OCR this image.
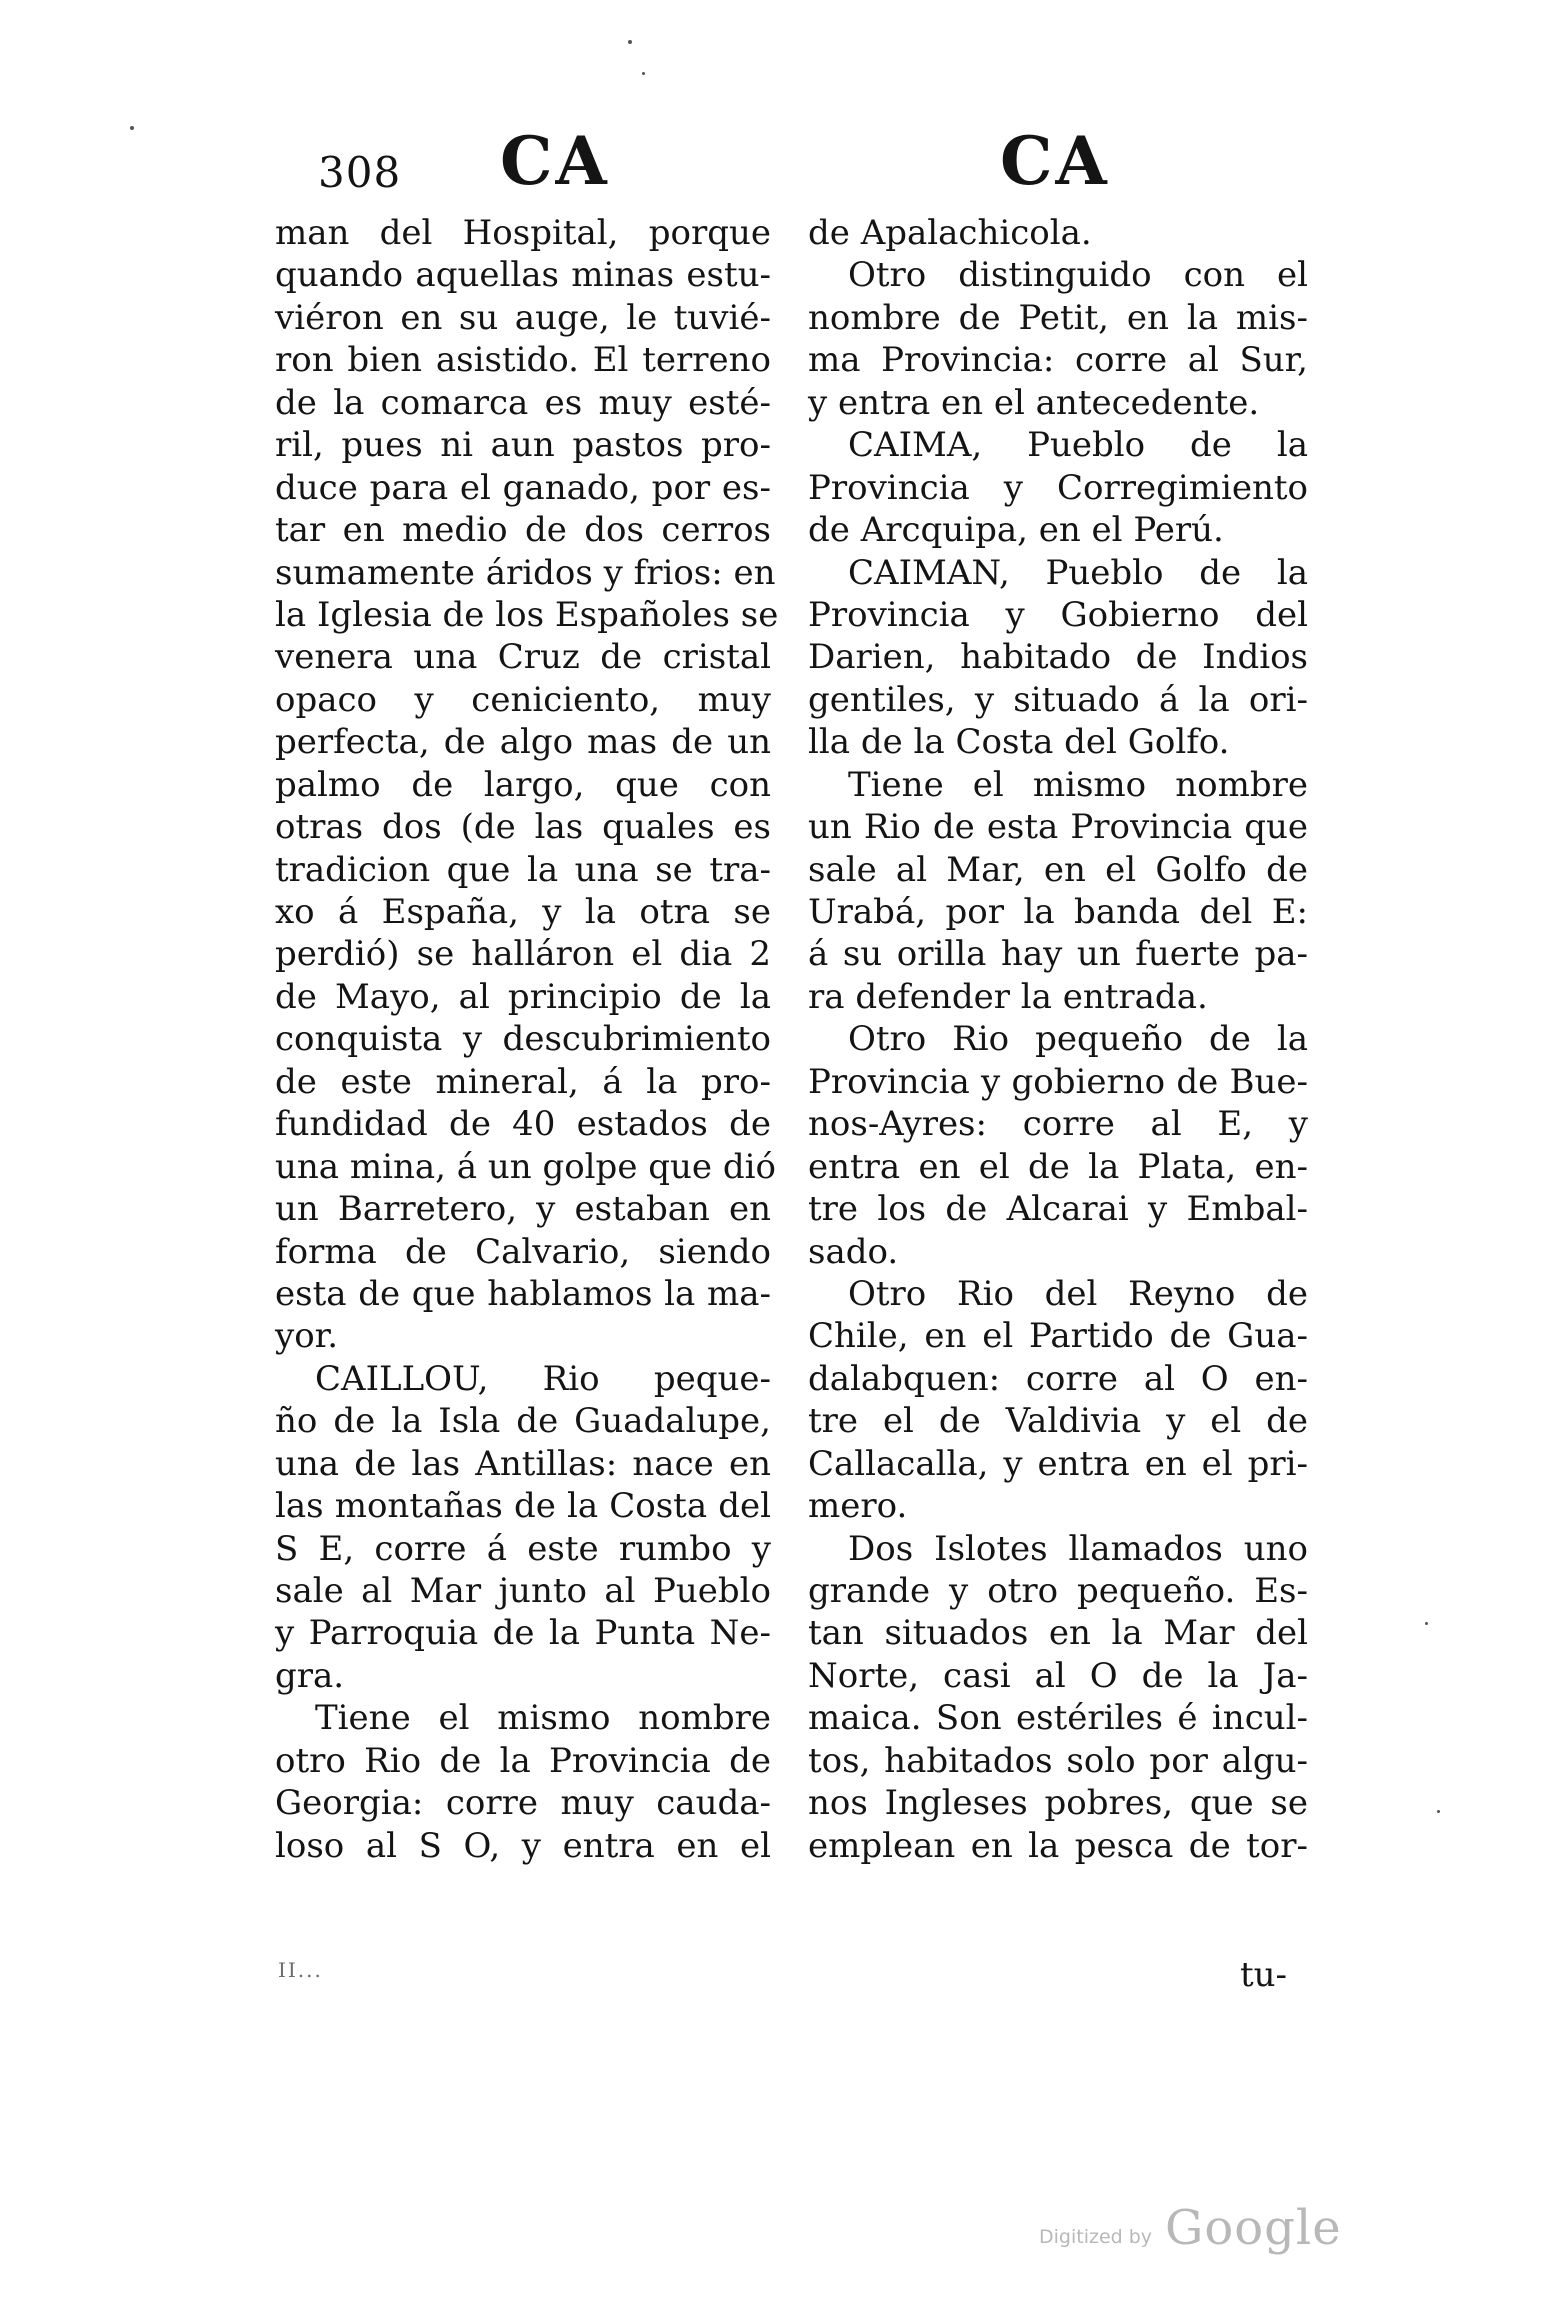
308 CA	CA
man del Hospital, porque
quando aquellas minas estu-
viéron en su auge, le tuvié-
ron bien asistido. El terreno
de la comarca es muy esté-
ril, pues ni aun pastos pro-
duce para el ganado, por es-
tar en medio de dos cerros
sumamente áridos y frios: en
la Iglesia de los Españoles se
venera una Cruz de cristal
opaco y ceniciento, muy
perfecta, de algo mas de un
palmo de largo, que con
otras dos (de las quales es
tradicion que la una se tra-
xo á España, y la otra se
perdió) se halláron el dia 2
de Mayo, al principio de la
conquista y descubrimiento
de este mineral, á la pro-
fundidad de 40 estados de
una mina, á un golpe que dió
un Barretero, y estaban en
forma de Calvario, siendo
esta de que hablamos la ma-
yor.
CAILLOU, Rio peque-
ño de la Isla de Guadalupe,
una de las Antillas: nace en
las montañas de la Costa del
S E, corre á este rumbo y
sale al Mar junto al Pueblo
y Parroquia de la Punta Ne-
gra.
Tiene el mismo nombre
otro Rio de la Provincia de
Georgia: corre muy cauda-
loso al S O, y entra en el
de Apalachicola.
Otro distinguido con el
nombre de Petit, en la mis-
ma Provincia: corre al Sur,
y entra en el antecedente.
CAIMA, Pueblo de la
Provincia y Corregimiento
de Arcquipa, en el Perú.
CAIMAN, Pueblo de la
Provincia y Gobierno del
Darien, habitado de Indios
gentiles, y situado á la ori-
lla de la Costa del Golfo.
Tiene el mismo nombre
un Rio de esta Provincia que
sale al Mar, en el Golfo de
Urabá, por la banda del E:
á su orilla hay un fuerte pa-
ra defender la entrada.
Otro Rio pequeño de la
Provincia y gobierno de Bue-
nos-Ayres: corre al E, y
entra en el de la Plata, en-
tre los de Alcarai y Embal-
sado.
Otro Rio del Reyno de
Chile, en el Partido de Gua-
dalabquen: corre al O en-
tre el de Valdivia y el de
Callacalla, y entra en el pri-
mero.
Dos Islotes llamados uno
grande y otro pequeño. Es-
tan situados en la Mar del
Norte, casi al O de la Ja-
maica. Son estériles é incul-
tos, habitados solo por algu-
nos Ingleses pobres, que se
emplean en la pesca de tor-
II...	tu-
Digitized by Google
